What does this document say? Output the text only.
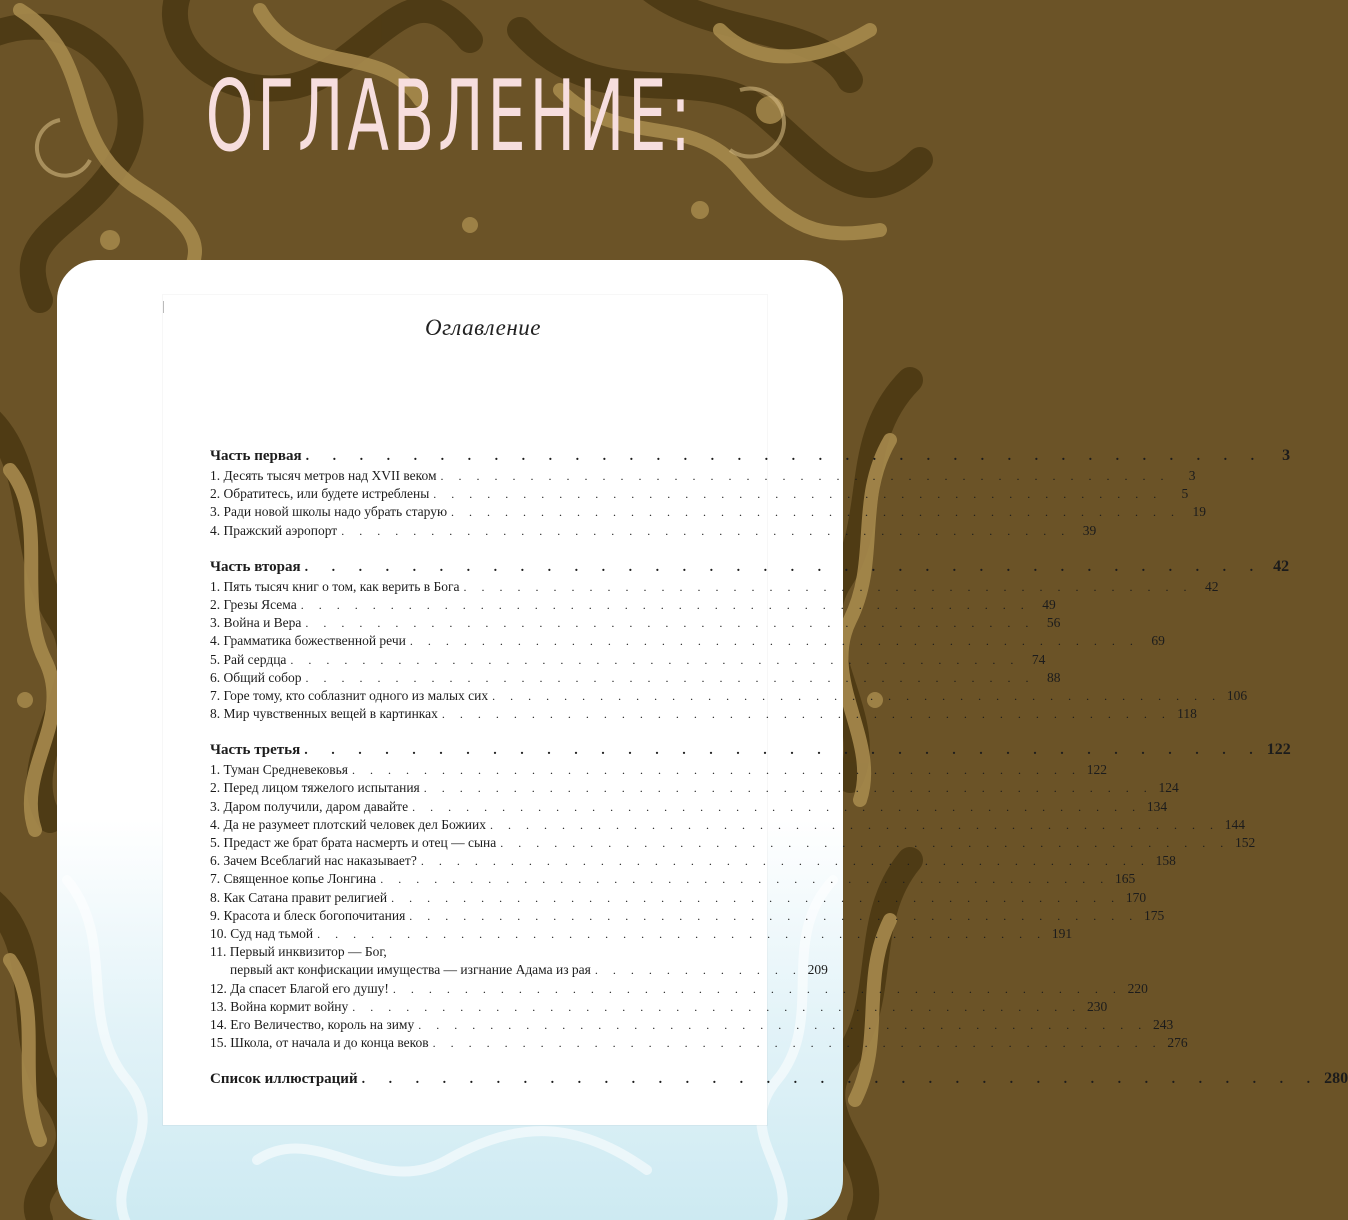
ОГЛАВЛЕНИЕ:
Оглавление
Часть первая . . . . . . . . . . . . . . . . . . . . . . . . . . . . . . . . . . . .	3
1. Десять тысяч метров над XVII веком . . . . . . . . . . . . . . . . . . . . . . . . . . . . . . . . . . . . . . . . .	3
2. Обратитесь, или будете истреблены . . . . . . . . . . . . . . . . . . . . . . . . . . . . . . . . . . . . . . . . .	5
3. Ради новой школы надо убрать старую . . . . . . . . . . . . . . . . . . . . . . . . . . . . . . . . . . . . . . . . . 19
4. Пражский аэропорт . . . . . . . . . . . . . . . . . . . . . . . . . . . . . . . . . . . . . . . . . 39
Часть вторая . . . . . . . . . . . . . . . . . . . . . . . . . . . . . . . . . . . . 42
1. Пять тысяч книг о том, как верить в Бога . . . . . . . . . . . . . . . . . . . . . . . . . . . . . . . . . . . . . . . . . 42
2. Грезы Ясема . . . . . . . . . . . . . . . . . . . . . . . . . . . . . . . . . . . . . . . . . 49
3. Война и Вера . . . . . . . . . . . . . . . . . . . . . . . . . . . . . . . . . . . . . . . . . 56
4. Грамматика божественной речи . . . . . . . . . . . . . . . . . . . . . . . . . . . . . . . . . . . . . . . . . 69
5. Рай сердца . . . . . . . . . . . . . . . . . . . . . . . . . . . . . . . . . . . . . . . . . 74
6. Общий собор . . . . . . . . . . . . . . . . . . . . . . . . . . . . . . . . . . . . . . . . . 88
7. Горе тому, кто соблазнит одного из малых сих . . . . . . . . . . . . . . . . . . . . . . . . . . . . . . . . . . . . . . . . . 106
8. Мир чувственных вещей в картинках . . . . . . . . . . . . . . . . . . . . . . . . . . . . . . . . . . . . . . . . . 118
Часть третья . . . . . . . . . . . . . . . . . . . . . . . . . . . . . . . . . . . . 122
1. Туман Средневековья . . . . . . . . . . . . . . . . . . . . . . . . . . . . . . . . . . . . . . . . . 122
2. Перед лицом тяжелого испытания . . . . . . . . . . . . . . . . . . . . . . . . . . . . . . . . . . . . . . . . . 124
3. Даром получили, даром давайте . . . . . . . . . . . . . . . . . . . . . . . . . . . . . . . . . . . . . . . . . 134
4. Да не разумеет плотский человек дел Божиих . . . . . . . . . . . . . . . . . . . . . . . . . . . . . . . . . . . . . . . . . 144
5. Предаст же брат брата насмерть и отец — сына . . . . . . . . . . . . . . . . . . . . . . . . . . . . . . . . . . . . . . . . . 152
6. Зачем Всеблагий нас наказывает? . . . . . . . . . . . . . . . . . . . . . . . . . . . . . . . . . . . . . . . . . 158
7. Священное копье Лонгина . . . . . . . . . . . . . . . . . . . . . . . . . . . . . . . . . . . . . . . . . 165
8. Как Сатана правит религией . . . . . . . . . . . . . . . . . . . . . . . . . . . . . . . . . . . . . . . . . 170
9. Красота и блеск богопочитания . . . . . . . . . . . . . . . . . . . . . . . . . . . . . . . . . . . . . . . . . 175
10. Суд над тьмой . . . . . . . . . . . . . . . . . . . . . . . . . . . . . . . . . . . . . . . . . 191
11. Первый инквизитор — Бог,
первый акт конфискации имущества — изгнание Адама из рая . . . . . . . . . . . . 209
12. Да спасет Благой его душу! . . . . . . . . . . . . . . . . . . . . . . . . . . . . . . . . . . . . . . . . . 220
13. Война кормит войну . . . . . . . . . . . . . . . . . . . . . . . . . . . . . . . . . . . . . . . . . 230
14. Его Величество, король на зиму . . . . . . . . . . . . . . . . . . . . . . . . . . . . . . . . . . . . . . . . . 243
15. Школа, от начала и до конца веков . . . . . . . . . . . . . . . . . . . . . . . . . . . . . . . . . . . . . . . . . 276
Список иллюстраций . . . . . . . . . . . . . . . . . . . . . . . . . . . . . . . . . . . . 280
